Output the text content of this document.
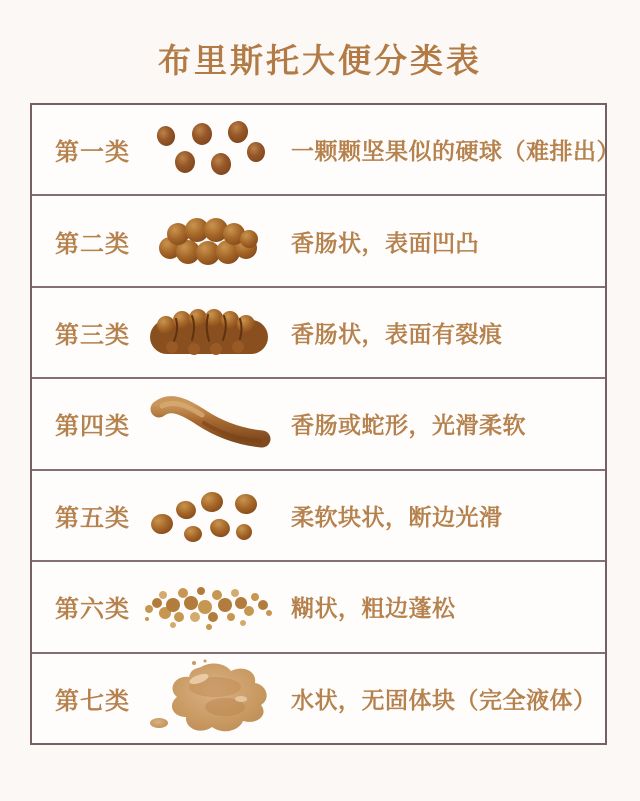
布里斯托大便分类表
第一类	一颗颗坚果似的硬球（难排出）
第二类	香肠状，表面凹凸
第三类	香肠状，表面有裂痕
第四类	香肠或蛇形，光滑柔软
第五类	柔软块状，断边光滑
第六类	糊状，粗边蓬松
第七类	水状，无固体块（完全液体）
